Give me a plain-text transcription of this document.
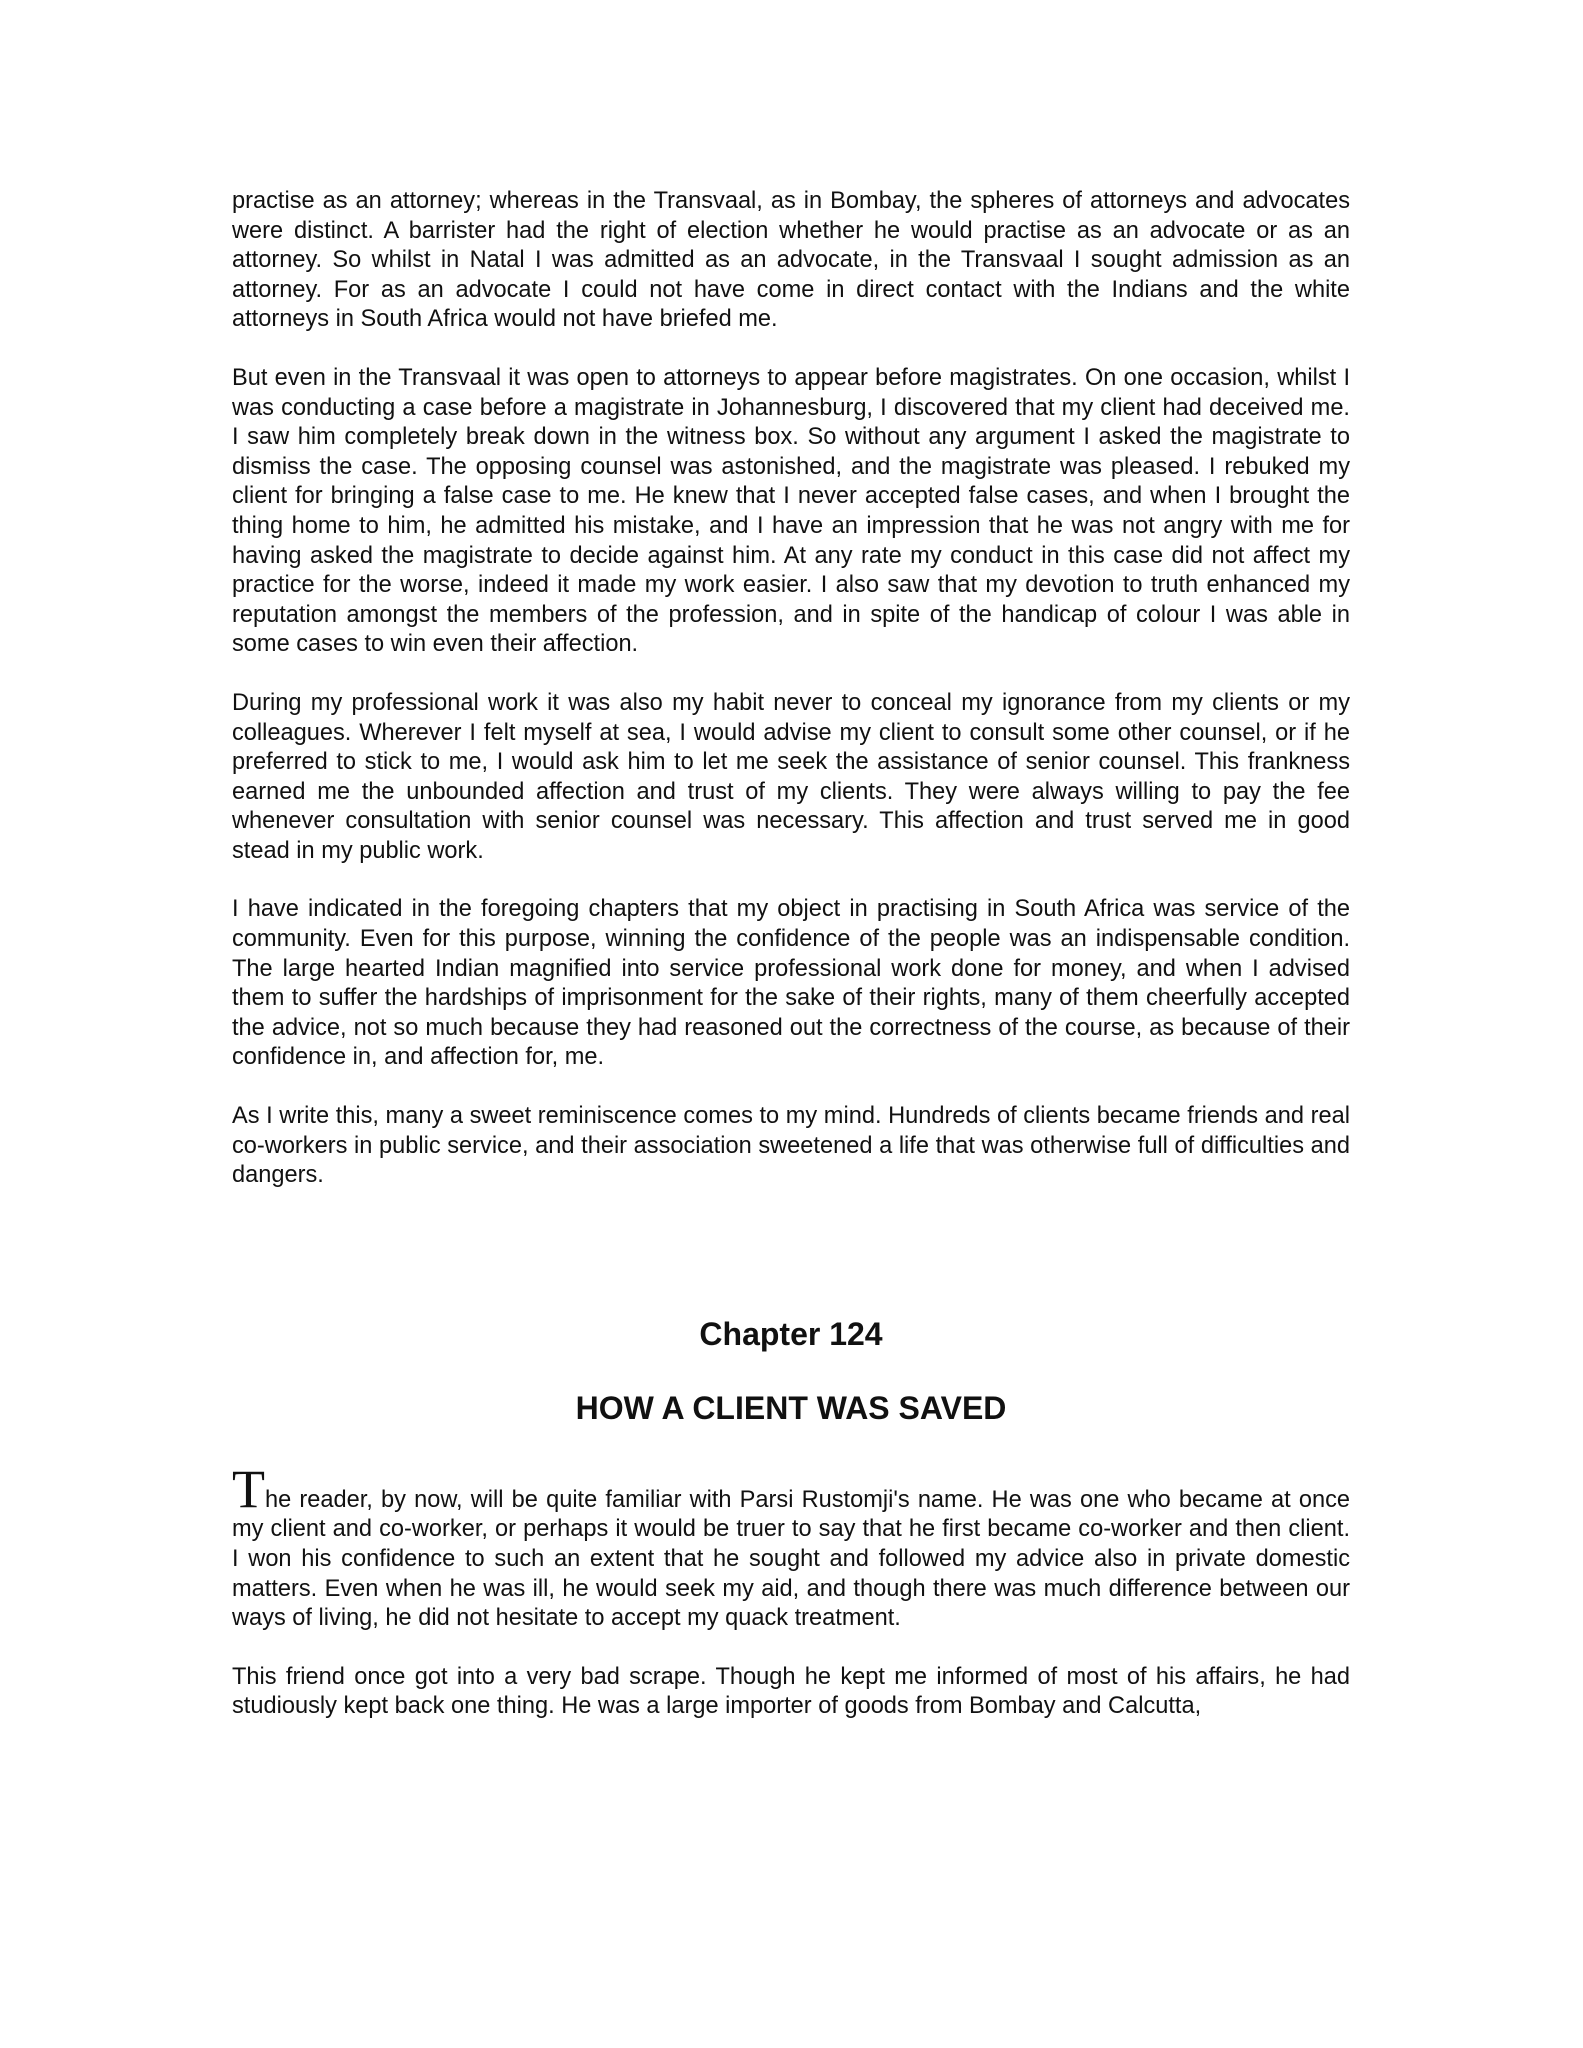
practise as an attorney; whereas in the Transvaal, as in Bombay, the spheres of attorneys and advocates were distinct. A barrister had the right of election whether he would practise as an advocate or as an attorney. So whilst in Natal I was admitted as an advocate, in the Transvaal I sought admission as an attorney. For as an advocate I could not have come in direct contact with the Indians and the white attorneys in South Africa would not have briefed me.

But even in the Transvaal it was open to attorneys to appear before magistrates. On one occasion, whilst I was conducting a case before a magistrate in Johannesburg, I discovered that my client had deceived me. I saw him completely break down in the witness box. So without any argument I asked the magistrate to dismiss the case. The opposing counsel was astonished, and the magistrate was pleased. I rebuked my client for bringing a false case to me. He knew that I never accepted false cases, and when I brought the thing home to him, he admitted his mistake, and I have an impression that he was not angry with me for having asked the magistrate to decide against him. At any rate my conduct in this case did not affect my practice for the worse, indeed it made my work easier. I also saw that my devotion to truth enhanced my reputation amongst the members of the profession, and in spite of the handicap of colour I was able in some cases to win even their affection.

During my professional work it was also my habit never to conceal my ignorance from my clients or my colleagues. Wherever I felt myself at sea, I would advise my client to consult some other counsel, or if he preferred to stick to me, I would ask him to let me seek the assistance of senior counsel. This frankness earned me the unbounded affection and trust of my clients. They were always willing to pay the fee whenever consultation with senior counsel was necessary. This affection and trust served me in good stead in my public work.

I have indicated in the foregoing chapters that my object in practising in South Africa was service of the community. Even for this purpose, winning the confidence of the people was an indispensable condition. The large hearted Indian magnified into service professional work done for money, and when I advised them to suffer the hardships of imprisonment for the sake of their rights, many of them cheerfully accepted the advice, not so much because they had reasoned out the correctness of the course, as because of their confidence in, and affection for, me.

As I write this, many a sweet reminiscence comes to my mind. Hundreds of clients became friends and real co-workers in public service, and their association sweetened a life that was otherwise full of difficulties and dangers.

Chapter 124
HOW A CLIENT WAS SAVED

The reader, by now, will be quite familiar with Parsi Rustomji's name. He was one who became at once my client and co-worker, or perhaps it would be truer to say that he first became co-worker and then client. I won his confidence to such an extent that he sought and followed my advice also in private domestic matters. Even when he was ill, he would seek my aid, and though there was much difference between our ways of living, he did not hesitate to accept my quack treatment.

This friend once got into a very bad scrape. Though he kept me informed of most of his affairs, he had studiously kept back one thing. He was a large importer of goods from Bombay and Calcutta,
